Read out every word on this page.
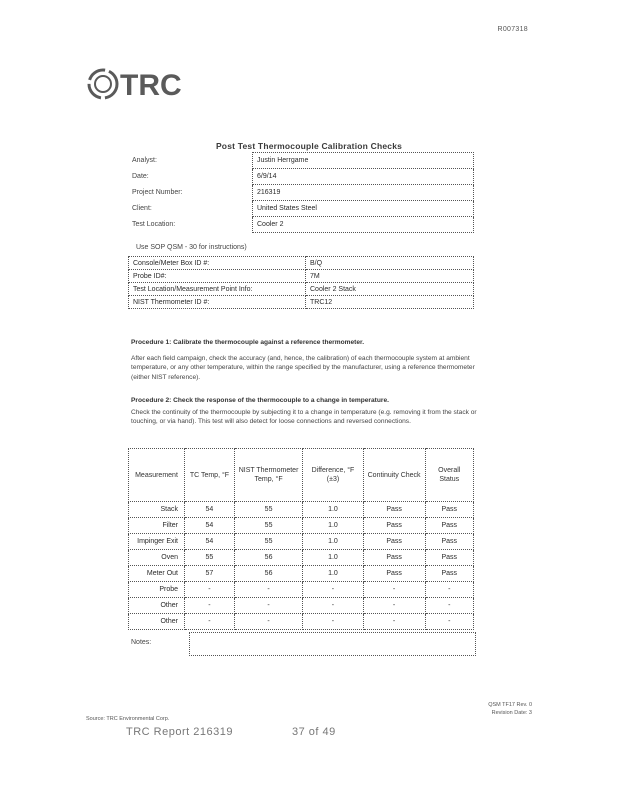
R007318
TRC
Post Test Thermocouple Calibration Checks
Analyst:	Justin Herrgame
Date:	6/9/14
Project Number:	216319
Client:	United States Steel
Test Location:	Cooler 2
Use SOP QSM - 30 for instructions)
Console/Meter Box ID #:	B/Q
Probe ID#:	7M
Test Location/Measurement Point Info:	Cooler 2 Stack
NIST Thermometer ID #:	TRC12
Procedure 1: Calibrate the thermocouple against a reference thermometer.
After each field campaign, check the accuracy (and, hence, the calibration) of each thermocouple system at ambient temperature, or any other temperature, within the range specified by the manufacturer, using a reference thermometer (either NIST reference).
Procedure 2: Check the response of the thermocouple to a change in temperature.
Check the continuity of the thermocouple by subjecting it to a change in temperature (e.g. removing it from the stack or touching, or via hand). This test will also detect for loose connections and reversed connections.
Measurement	TC Temp, °F	NIST Thermometer Temp, °F	Difference, °F (±3)	Continuity Check	Overall Status
Stack	54	55	1.0	Pass	Pass
Filter	54	55	1.0	Pass	Pass
Impinger Exit	54	55	1.0	Pass	Pass
Oven	55	56	1.0	Pass	Pass
Meter Out	57	56	1.0	Pass	Pass
Probe	-	-	-	-	-
Other	-	-	-	-	-
Other	-	-	-	-	-
Notes:
QSM TF17 Rev. 0
Revision Date: 3
Source: TRC Environmental Corp.
TRC Report 216319	37 of 49
